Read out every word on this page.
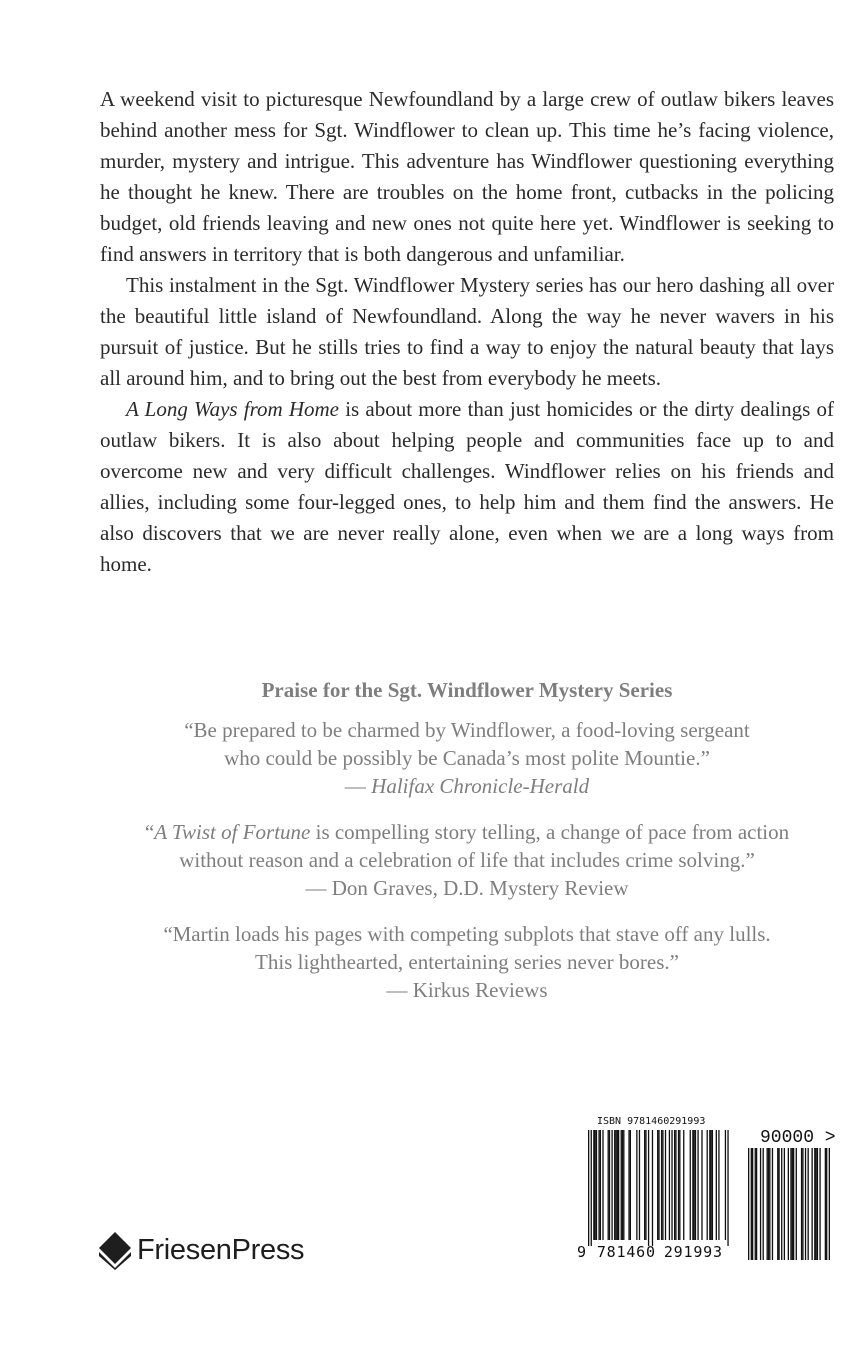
A weekend visit to picturesque Newfoundland by a large crew of outlaw bikers leaves behind another mess for Sgt. Windflower to clean up. This time he’s facing violence, murder, mystery and intrigue. This adventure has Windflower questioning everything he thought he knew. There are troubles on the home front, cutbacks in the policing budget, old friends leaving and new ones not quite here yet. Windflower is seeking to find answers in territory that is both dangerous and unfamiliar.

This instalment in the Sgt. Windflower Mystery series has our hero dashing all over the beautiful little island of Newfoundland. Along the way he never wavers in his pursuit of justice. But he stills tries to find a way to enjoy the natural beauty that lays all around him, and to bring out the best from everybody he meets.

A Long Ways from Home is about more than just homicides or the dirty dealings of outlaw bikers. It is also about helping people and communities face up to and overcome new and very difficult challenges. Windflower relies on his friends and allies, including some four-legged ones, to help him and them find the answers. He also discovers that we are never really alone, even when we are a long ways from home.

Praise for the Sgt. Windflower Mystery Series
“Be prepared to be charmed by Windflower, a food-loving sergeant
who could be possibly be Canada’s most polite Mountie.”
— Halifax Chronicle-Herald
“A Twist of Fortune is compelling story telling, a change of pace from action
without reason and a celebration of life that includes crime solving.”
— Don Graves, D.D. Mystery Review
“Martin loads his pages with competing subplots that stave off any lulls.
This lighthearted, entertaining series never bores.”
— Kirkus Reviews
FriesenPress
ISBN 9781460291993
90000 >
9 781460 291993
